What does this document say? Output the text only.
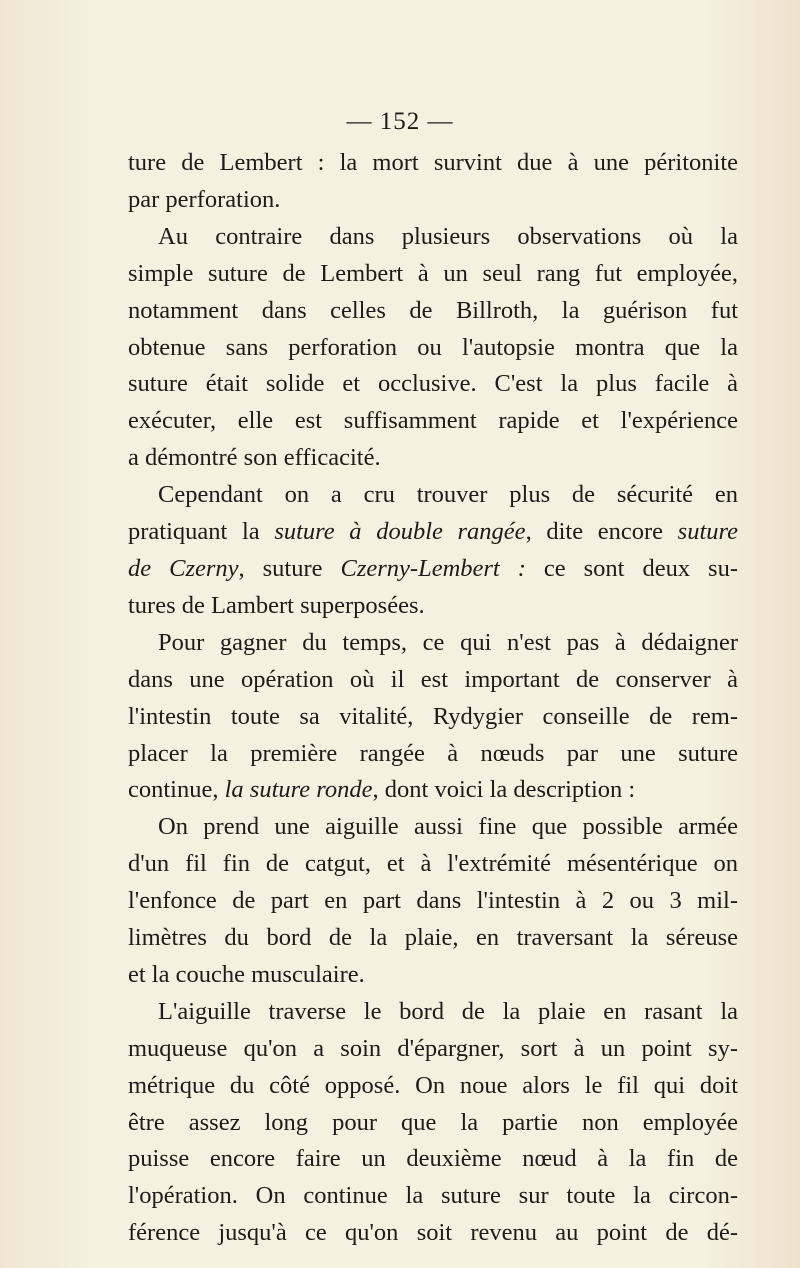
— 152 —
ture de Lembert : la mort survint due à une péritonite
par perforation.
Au contraire dans plusieurs observations où la
simple suture de Lembert à un seul rang fut employée,
notamment dans celles de Billroth, la guérison fut
obtenue sans perforation ou l'autopsie montra que la
suture était solide et occlusive. C'est la plus facile à
exécuter, elle est suffisamment rapide et l'expérience
a démontré son efficacité.
Cependant on a cru trouver plus de sécurité en
pratiquant la suture à double rangée, dite encore suture
de Czerny, suture Czerny-Lembert : ce sont deux su-
tures de Lambert superposées.
Pour gagner du temps, ce qui n'est pas à dédaigner
dans une opération où il est important de conserver à
l'intestin toute sa vitalité, Rydygier conseille de rem-
placer la première rangée à nœuds par une suture
continue, la suture ronde, dont voici la description :
On prend une aiguille aussi fine que possible armée
d'un fil fin de catgut, et à l'extrémité mésentérique on
l'enfonce de part en part dans l'intestin à 2 ou 3 mil-
limètres du bord de la plaie, en traversant la séreuse
et la couche musculaire.
L'aiguille traverse le bord de la plaie en rasant la
muqueuse qu'on a soin d'épargner, sort à un point sy-
métrique du côté opposé. On noue alors le fil qui doit
être assez long pour que la partie non employée
puisse encore faire un deuxième nœud à la fin de
l'opération. On continue la suture sur toute la circon-
férence jusqu'à ce qu'on soit revenu au point de dé-
